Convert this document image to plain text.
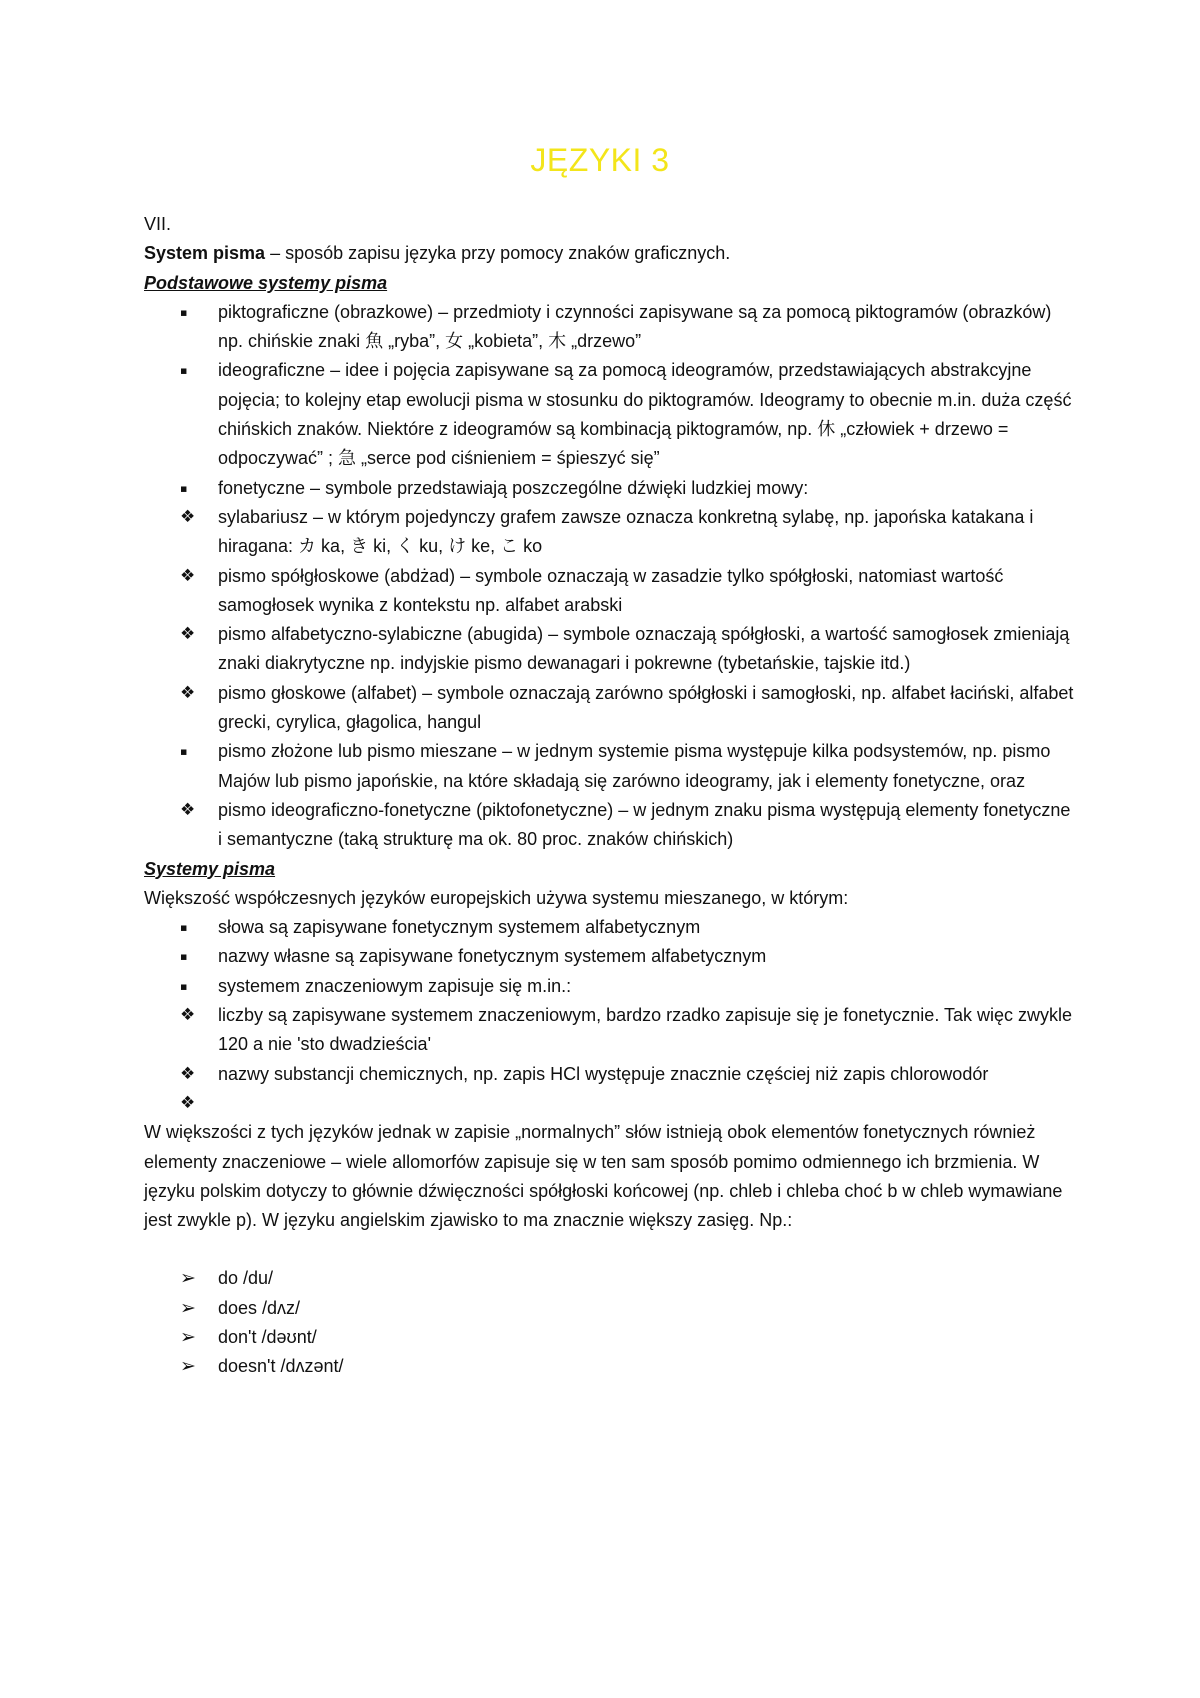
JĘZYKI 3

VII.

System pisma – sposób zapisu języka przy pomocy znaków graficznych.

Podstawowe systemy pisma

▪	piktograficzne (obrazkowe) – przedmioty i czynności zapisywane są za pomocą piktogramów (obrazków) np. chińskie znaki 魚 „ryba”, 女 „kobieta”, 木 „drzewo”
▪	ideograficzne – idee i pojęcia zapisywane są za pomocą ideogramów, przedstawiających abstrakcyjne pojęcia; to kolejny etap ewolucji pisma w stosunku do piktogramów. Ideogramy to obecnie m.in. duża część chińskich znaków. Niektóre z ideogramów są kombinacją piktogramów, np. 休 „człowiek + drzewo = odpoczywać” ; 急 „serce pod ciśnieniem = śpieszyć się”
▪	fonetyczne – symbole przedstawiają poszczególne dźwięki ludzkiej mowy:
❖	sylabariusz – w którym pojedynczy grafem zawsze oznacza konkretną sylabę, np. japońska katakana i hiragana: カ ka, き ki, く ku, け ke, こ ko
❖	pismo spółgłoskowe (abdżad) – symbole oznaczają w zasadzie tylko spółgłoski, natomiast wartość samogłosek wynika z kontekstu np. alfabet arabski
❖	pismo alfabetyczno-sylabiczne (abugida) – symbole oznaczają spółgłoski, a wartość samogłosek zmieniają znaki diakrytyczne np. indyjskie pismo dewanagari i pokrewne (tybetańskie, tajskie itd.)
❖	pismo głoskowe (alfabet) – symbole oznaczają zarówno spółgłoski i samogłoski, np. alfabet łaciński, alfabet grecki, cyrylica, głagolica, hangul
▪	pismo złożone lub pismo mieszane – w jednym systemie pisma występuje kilka podsystemów, np. pismo Majów lub pismo japońskie, na które składają się zarówno ideogramy, jak i elementy fonetyczne, oraz
❖	pismo ideograficzno-fonetyczne (piktofonetyczne) – w jednym znaku pisma występują elementy fonetyczne i semantyczne (taką strukturę ma ok. 80 proc. znaków chińskich)

Systemy pisma

Większość współczesnych języków europejskich używa systemu mieszanego, w którym:

▪	słowa są zapisywane fonetycznym systemem alfabetycznym
▪	nazwy własne są zapisywane fonetycznym systemem alfabetycznym
▪	systemem znaczeniowym zapisuje się m.in.:
❖	liczby są zapisywane systemem znaczeniowym, bardzo rzadko zapisuje się je fonetycznie. Tak więc zwykle 120 a nie 'sto dwadzieścia'
❖	nazwy substancji chemicznych, np. zapis HCl występuje znacznie częściej niż zapis chlorowodór
❖

W większości z tych języków jednak w zapisie „normalnych” słów istnieją obok elementów fonetycznych również elementy znaczeniowe – wiele allomorfów zapisuje się w ten sam sposób pomimo odmiennego ich brzmienia. W języku polskim dotyczy to głównie dźwięczności spółgłoski końcowej (np. chleb i chleba choć b w chleb wymawiane jest zwykle p). W języku angielskim zjawisko to ma znacznie większy zasięg. Np.:

➢	do /du/
➢	does /dʌz/
➢	don't /dəʊnt/
➢	doesn't /dʌzənt/
